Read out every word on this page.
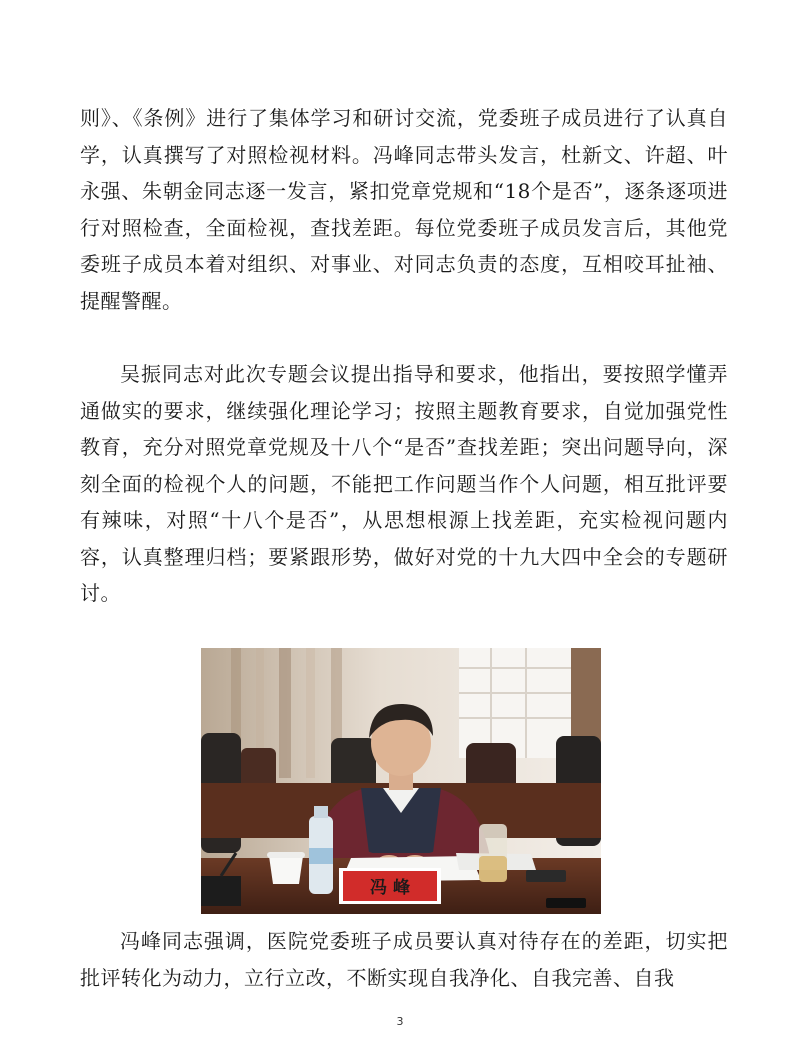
则》、《条例》进行了集体学习和研讨交流，党委班子成员进行了认真自学，认真撰写了对照检视材料。冯峰同志带头发言，杜新文、许超、叶永强、朱朝金同志逐一发言，紧扣党章党规和“18个是否”，逐条逐项进行对照检查，全面检视，查找差距。每位党委班子成员发言后，其他党委班子成员本着对组织、对事业、对同志负责的态度，互相咬耳扯袖、提醒警醒。

吴振同志对此次专题会议提出指导和要求，他指出，要按照学懂弄通做实的要求，继续强化理论学习；按照主题教育要求，自觉加强党性教育，充分对照党章党规及十八个“是否”查找差距；突出问题导向，深刻全面的检视个人的问题，不能把工作问题当作个人问题，相互批评要有辣味，对照“十八个是否”，从思想根源上找差距，充实检视问题内容，认真整理归档；要紧跟形势，做好对党的十九大四中全会的专题研讨。

冯 峰

冯峰同志强调，医院党委班子成员要认真对待存在的差距，切实把批评转化为动力，立行立改，不断实现自我净化、自我完善、自我

3
